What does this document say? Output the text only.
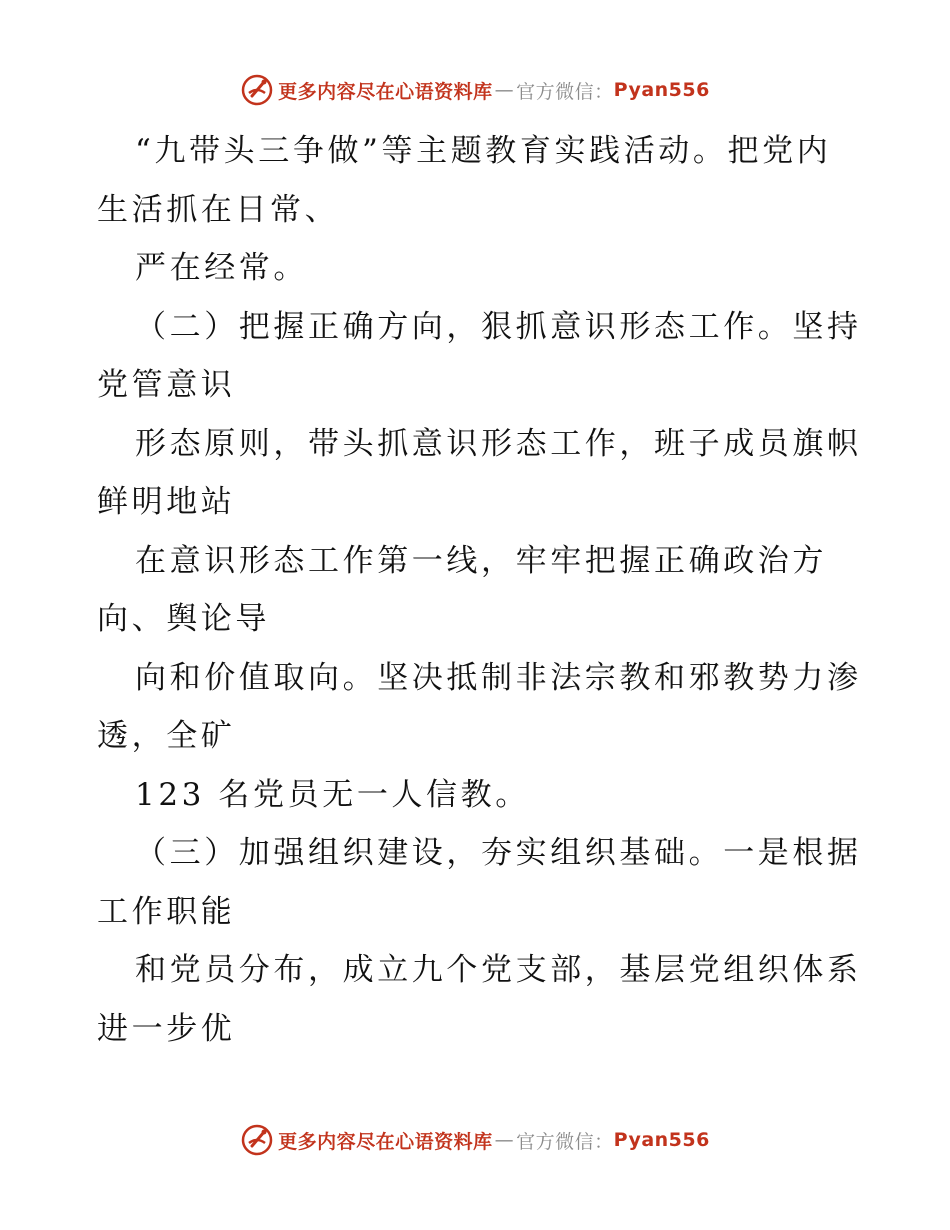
更多内容尽在心语资料库 — 官方微信： Pyan556
“九带头三争做”等主题教育实践活动。把党内
生活抓在日常、
严在经常。
（二）把握正确方向，狠抓意识形态工作。坚持
党管意识
形态原则，带头抓意识形态工作，班子成员旗帜
鲜明地站
在意识形态工作第一线，牢牢把握正确政治方
向、舆论导
向和价值取向。坚决抵制非法宗教和邪教势力渗
透，全矿
123 名党员无一人信教。
（三）加强组织建设，夯实组织基础。一是根据
工作职能
和党员分布，成立九个党支部，基层党组织体系
进一步优
更多内容尽在心语资料库 — 官方微信： Pyan556
